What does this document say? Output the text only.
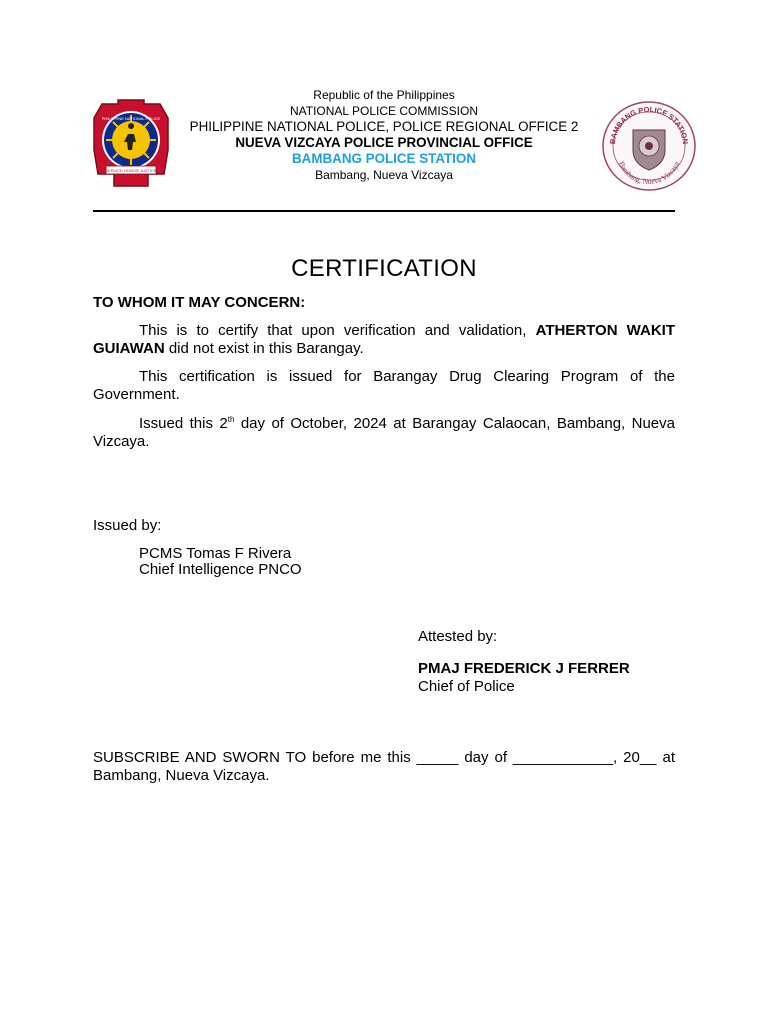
PHILIPPINE NATIONAL POLICE
SERVICE HONOR JUSTICE
Republic of the Philippines
NATIONAL POLICE COMMISSION
PHILIPPINE NATIONAL POLICE, POLICE REGIONAL OFFICE 2
NUEVA VIZCAYA POLICE PROVINCIAL OFFICE
BAMBANG POLICE STATION
Bambang, Nueva Vizcaya
BAMBANG POLICE STATION
Bambang, Nueva Vizcaya
CERTIFICATION
TO WHOM IT MAY CONCERN:
This is to certify that upon verification and validation, ATHERTON WAKIT GUIAWAN did not exist in this Barangay.
This certification is issued for Barangay Drug Clearing Program of the Government.
Issued this 2th day of October, 2024 at Barangay Calaocan, Bambang, Nueva Vizcaya.
Issued by:
PCMS Tomas F Rivera
Chief Intelligence PNCO
Attested by:
PMAJ FREDERICK J FERRER
Chief of Police
SUBSCRIBE AND SWORN TO before me this _____ day of ____________, 20__ at Bambang, Nueva Vizcaya.
